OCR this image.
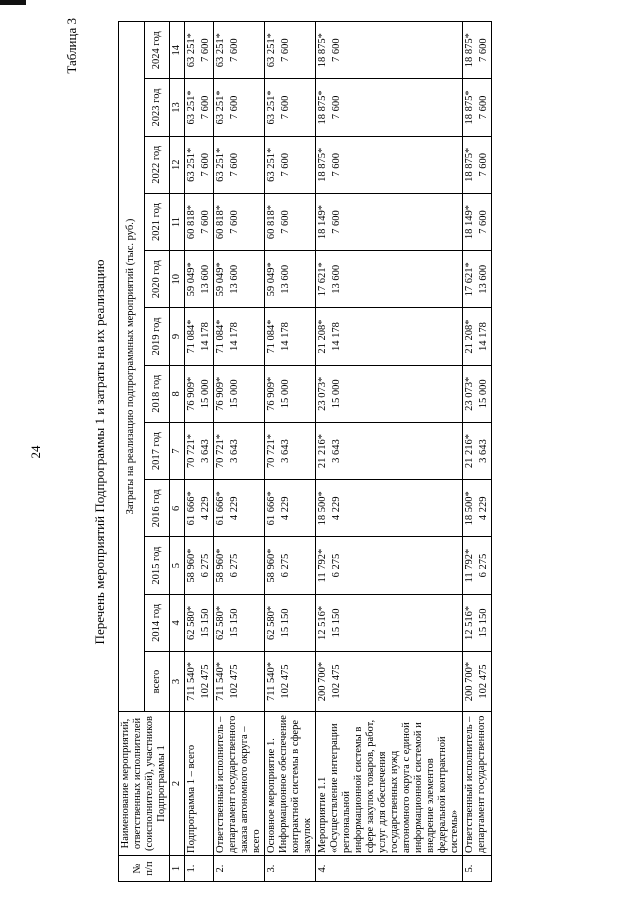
24
Таблица 3
Перечень мероприятий Подпрограммы 1 и затраты на их реализацию
№ п/п	Наименование мероприятий, ответственных исполнителей (соисполнителей), участников Подпрограммы 1	Затраты на реализацию подпрограммных мероприятий (тыс. руб.)											
		всего	2014 год	2015 год	2016 год	2017 год	2018 год	2019 год	2020 год	2021 год	2022 год	2023 год	2024 год
1	2	3	4	5	6	7	8	9	10	11	12	13	14
1.	Подпрограмма 1 – всего	711 540* 102 475	62 580* 15 150	58 960* 6 275	61 666* 4 229	70 721* 3 643	76 909* 15 000	71 084* 14 178	59 049* 13 600	60 818* 7 600	63 251* 7 600	63 251* 7 600	63 251* 7 600

2.	Ответственный исполнитель – департамент государственного заказа автономного округа – всего	711 540* 102 475	62 580* 15 150	58 960* 6 275	61 666* 4 229	70 721* 3 643	76 909* 15 000	71 084* 14 178	59 049* 13 600	60 818* 7 600	63 251* 7 600	63 251* 7 600	63 251* 7 600

3.	Основное мероприятие 1. Информационное обеспечение контрактной системы в сфере закупок	711 540* 102 475	62 580* 15 150	58 960* 6 275	61 666* 4 229	70 721* 3 643	76 909* 15 000	71 084* 14 178	59 049* 13 600	60 818* 7 600	63 251* 7 600	63 251* 7 600	63 251* 7 600

4.	Мероприятие 1.1 «Осуществление интеграции региональной информационной системы в сфере закупок товаров, работ, услуг для обеспечения государственных нужд автономного округа с единой информационной системой и внедрение элементов федеральной контрактной системы»	200 700* 102 475	12 516* 15 150	11 792* 6 275	18 500* 4 229	21 216* 3 643	23 073* 15 000	21 208* 14 178	17 621* 13 600	18 149* 7 600	18 875* 7 600	18 875* 7 600	18 875* 7 600

5.	Ответственный исполнитель – департамент государственного	200 700* 102 475	12 516* 15 150	11 792* 6 275	18 500* 4 229	21 216* 3 643	23 073* 15 000	21 208* 14 178	17 621* 13 600	18 149* 7 600	18 875* 7 600	18 875* 7 600	18 875* 7 600
